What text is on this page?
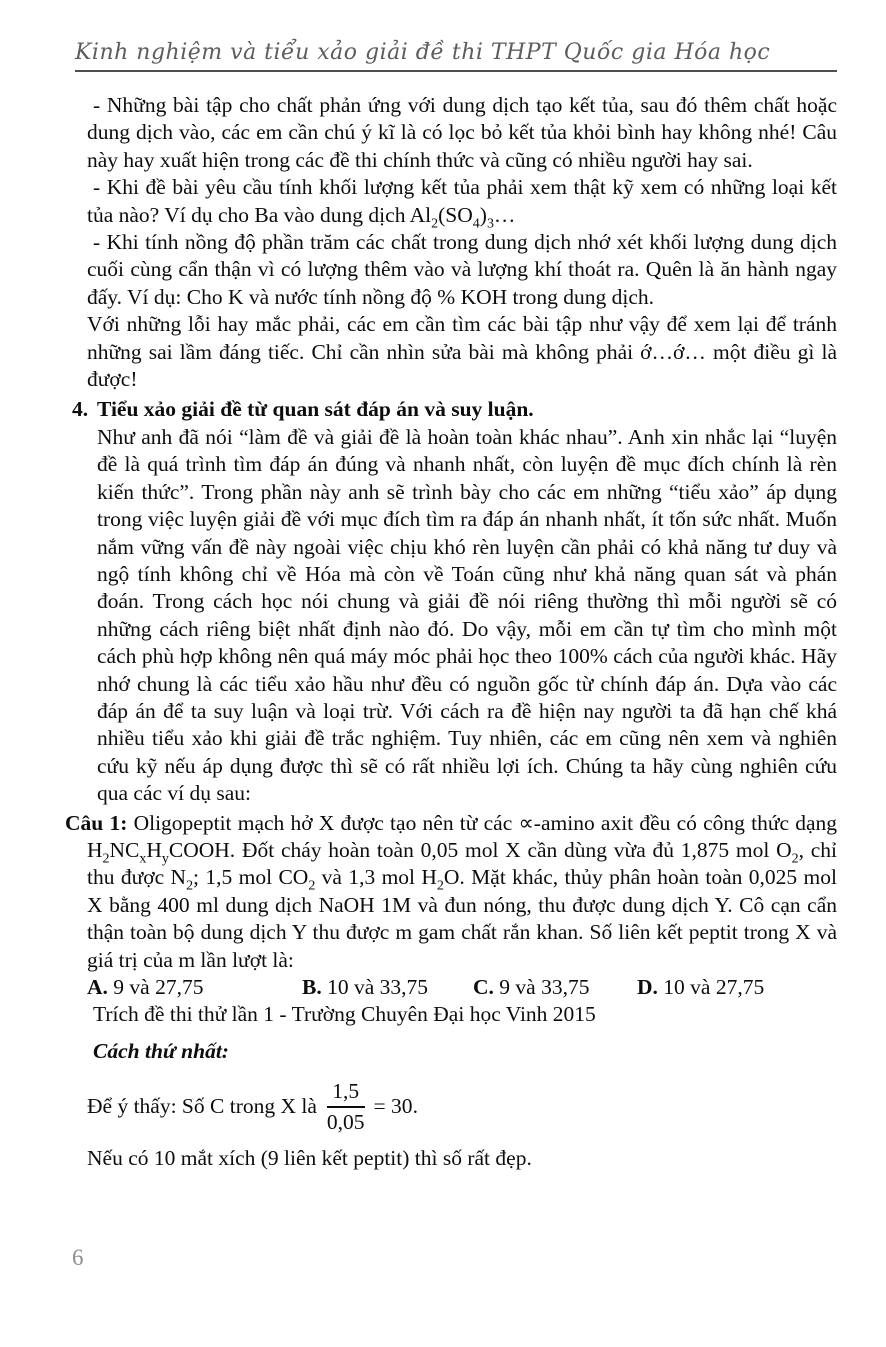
Kinh nghiệm và tiểu xảo giải đề thi THPT Quốc gia Hóa học

- Những bài tập cho chất phản ứng với dung dịch tạo kết tủa, sau đó thêm chất hoặc dung dịch vào, các em cần chú ý kĩ là có lọc bỏ kết tủa khỏi bình hay không nhé! Câu này hay xuất hiện trong các đề thi chính thức và cũng có nhiều người hay sai.

- Khi đề bài yêu cầu tính khối lượng kết tủa phải xem thật kỹ xem có những loại kết tủa nào? Ví dụ cho Ba vào dung dịch $Al_2(SO_4)_3\dots$

- Khi tính nồng độ phần trăm các chất trong dung dịch nhớ xét khối lượng dung dịch cuối cùng cẩn thận vì có lượng thêm vào và lượng khí thoát ra. Quên là ăn hành ngay đấy. Ví dụ: Cho K và nước tính nồng độ % KOH trong dung dịch.

Với những lỗi hay mắc phải, các em cần tìm các bài tập như vậy để xem lại để tránh những sai lầm đáng tiếc. Chỉ cần nhìn sửa bài mà không phải ớ…ớ… một điều gì là được!

4. Tiểu xảo giải đề từ quan sát đáp án và suy luận.

Như anh đã nói “làm đề và giải đề là hoàn toàn khác nhau”. Anh xin nhắc lại “luyện đề là quá trình tìm đáp án đúng và nhanh nhất, còn luyện đề mục đích chính là rèn kiến thức”. Trong phần này anh sẽ trình bày cho các em những “tiểu xảo” áp dụng trong việc luyện giải đề với mục đích tìm ra đáp án nhanh nhất, ít tốn sức nhất. Muốn nắm vững vấn đề này ngoài việc chịu khó rèn luyện cần phải có khả năng tư duy và ngộ tính không chỉ về Hóa mà còn về Toán cũng như khả năng quan sát và phán đoán. Trong cách học nói chung và giải đề nói riêng thường thì mỗi người sẽ có những cách riêng biệt nhất định nào đó. Do vậy, mỗi em cần tự tìm cho mình một cách phù hợp không nên quá máy móc phải học theo 100% cách của người khác. Hãy nhớ chung là các tiểu xảo hầu như đều có nguồn gốc từ chính đáp án. Dựa vào các đáp án để ta suy luận và loại trừ. Với cách ra đề hiện nay người ta đã hạn chế khá nhiều tiểu xảo khi giải đề trắc nghiệm. Tuy nhiên, các em cũng nên xem và nghiên cứu kỹ nếu áp dụng được thì sẽ có rất nhiều lợi ích. Chúng ta hãy cùng nghiên cứu qua các ví dụ sau:

Câu 1: Oligopeptit mạch hở X được tạo nên từ các ∝-amino axit đều có công thức dạng $H_2NC_xH_yCOOH$. Đốt cháy hoàn toàn 0,05 mol X cần dùng vừa đủ 1,875 mol $O_2$, chỉ thu được $N_2$; 1,5 mol $CO_2$ và 1,3 mol $H_2O$. Mặt khác, thủy phân hoàn toàn 0,025 mol X bằng 400 ml dung dịch NaOH 1M và đun nóng, thu được dung dịch Y. Cô cạn cẩn thận toàn bộ dung dịch Y thu được m gam chất rắn khan. Số liên kết peptit trong X và giá trị của m lần lượt là:

A. 9 và 27,75	B. 10 và 33,75	C. 9 và 33,75	D. 10 và 27,75

Trích đề thi thử lần 1 - Trường Chuyên Đại học Vinh 2015

Cách thứ nhất:

Để ý thấy: Số C trong X là $\frac{1,5}{0,05} = 30$ .

Nếu có 10 mắt xích (9 liên kết peptit) thì số rất đẹp.

6
